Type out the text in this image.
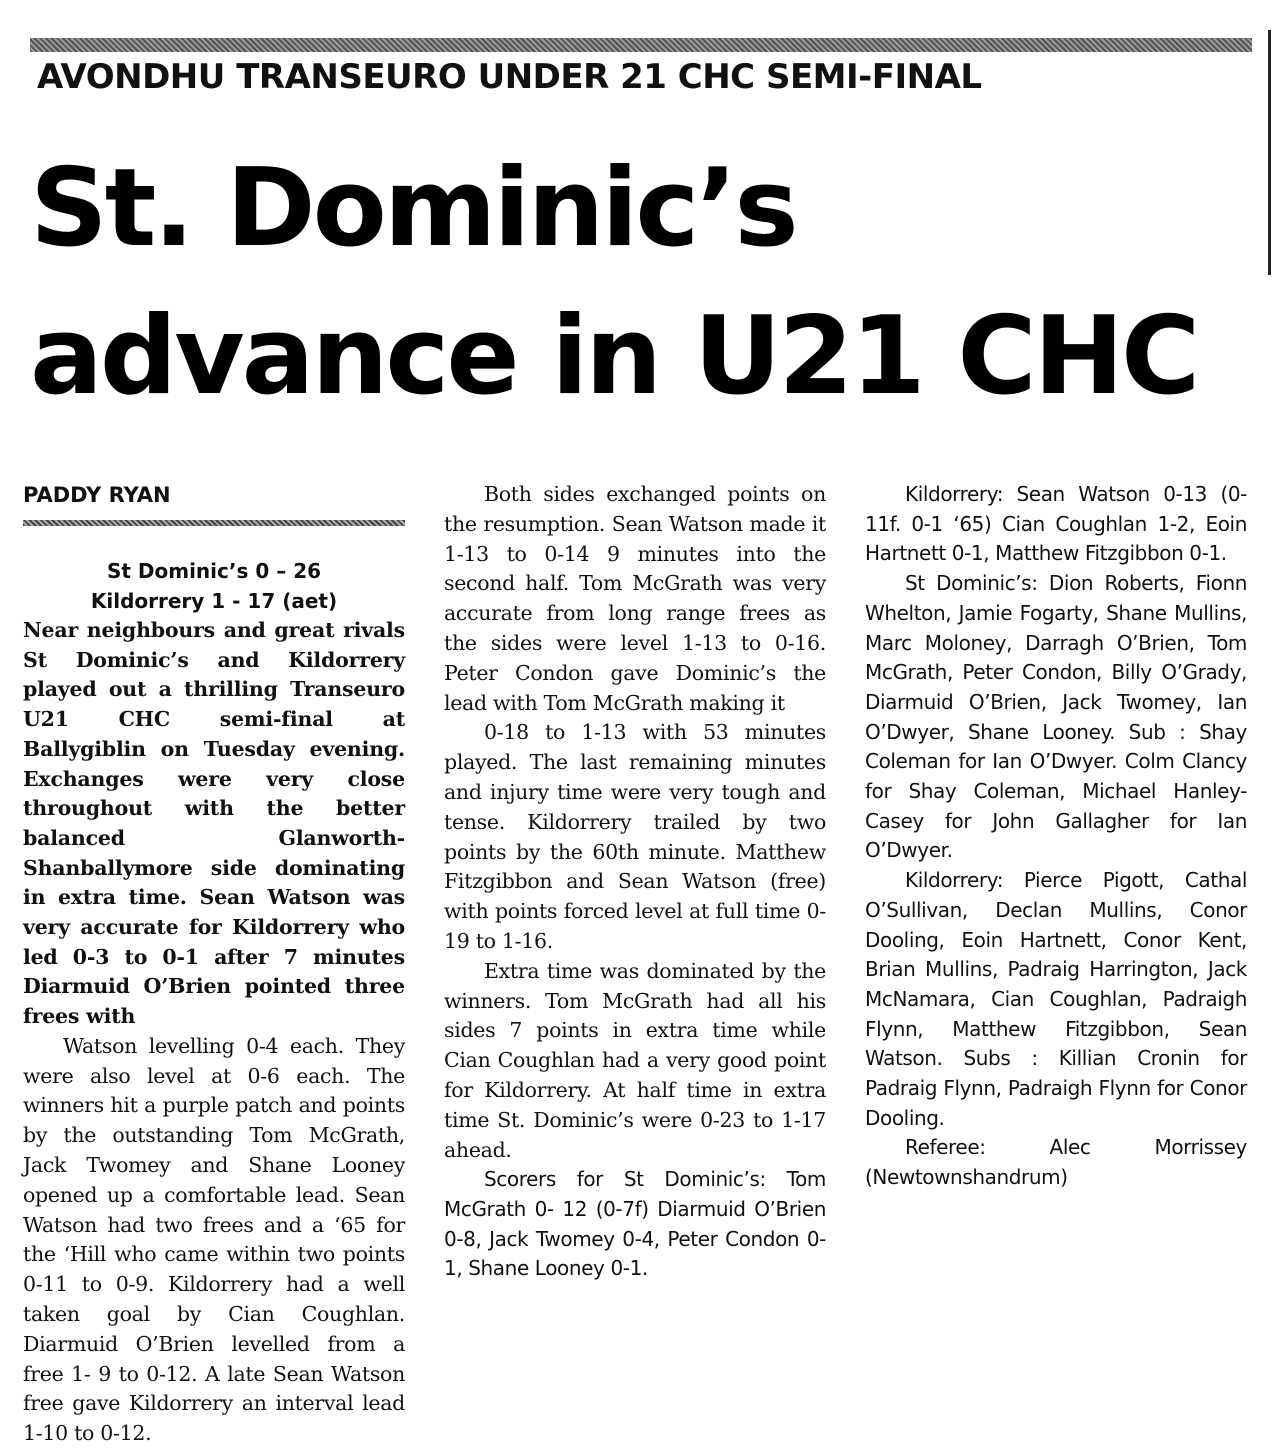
AVONDHU TRANSEURO UNDER 21 CHC SEMI-FINAL
St. Dominic’s advance in U21 CHC

PADDY RYAN

St Dominic’s 0 – 26

Kildorrery 1 - 17 (aet)

Near neighbours and great rivals St Dominic’s and Kildorrery played out a thrilling Transeuro U21 CHC semi-final at Ballygiblin on Tuesday evening. Exchanges were very close throughout with the better balanced Glanworth-Shanballymore side dominating in extra time. Sean Watson was very accurate for Kildorrery who led 0-3 to 0-1 after 7 minutes Diarmuid O’Brien pointed three frees with

Watson levelling 0-4 each. They were also level at 0-6 each. The winners hit a purple patch and points by the outstanding Tom McGrath, Jack Twomey and Shane Looney opened up a comfortable lead. Sean Watson had two frees and a ‘65 for the ‘Hill who came within two points 0-11 to 0-9. Kildorrery had a well taken goal by Cian Coughlan. Diarmuid O’Brien levelled from a free 1- 9 to 0-12. A late Sean Watson free gave Kildorrery an interval lead 1-10 to 0-12.

Both sides exchanged points on the resumption. Sean Watson made it 1-13 to 0-14 9 minutes into the second half. Tom McGrath was very accurate from long range frees as the sides were level 1-13 to 0-16. Peter Condon gave Dominic’s the lead with Tom McGrath making it

0-18 to 1-13 with 53 minutes played. The last remaining minutes and injury time were very tough and tense. Kildorrery trailed by two points by the 60th minute. Matthew Fitzgibbon and Sean Watson (free) with points forced level at full time 0-19 to 1-16.

Extra time was dominated by the winners. Tom McGrath had all his sides 7 points in extra time while Cian Coughlan had a very good point for Kildorrery. At half time in extra time St. Dominic’s were 0-23 to 1-17 ahead.

Scorers for St Dominic’s: Tom McGrath 0- 12 (0-7f) Diarmuid O’Brien 0-8, Jack Twomey 0-4, Peter Condon 0-1, Shane Looney 0-1.

Kildorrery: Sean Watson 0-13 (0-11f. 0-1 ‘65) Cian Coughlan 1-2, Eoin Hartnett 0-1, Matthew Fitzgibbon 0-1.

St Dominic’s: Dion Roberts, Fionn Whelton, Jamie Fogarty, Shane Mullins, Marc Moloney, Darragh O’Brien, Tom McGrath, Peter Condon, Billy O’Grady, Diarmuid O’Brien, Jack Twomey, Ian O’Dwyer, Shane Looney. Sub : Shay Coleman for Ian O’Dwyer. Colm Clancy for Shay Coleman, Michael Hanley-Casey for John Gallagher for Ian O’Dwyer.

Kildorrery: Pierce Pigott, Cathal O’Sullivan, Declan Mullins, Conor Dooling, Eoin Hartnett, Conor Kent, Brian Mullins, Padraig Harrington, Jack McNamara, Cian Coughlan, Padraigh Flynn, Matthew Fitzgibbon, Sean Watson. Subs : Killian Cronin for Padraig Flynn, Padraigh Flynn for Conor Dooling.

Referee: Alec Morrissey (Newtownshandrum)
